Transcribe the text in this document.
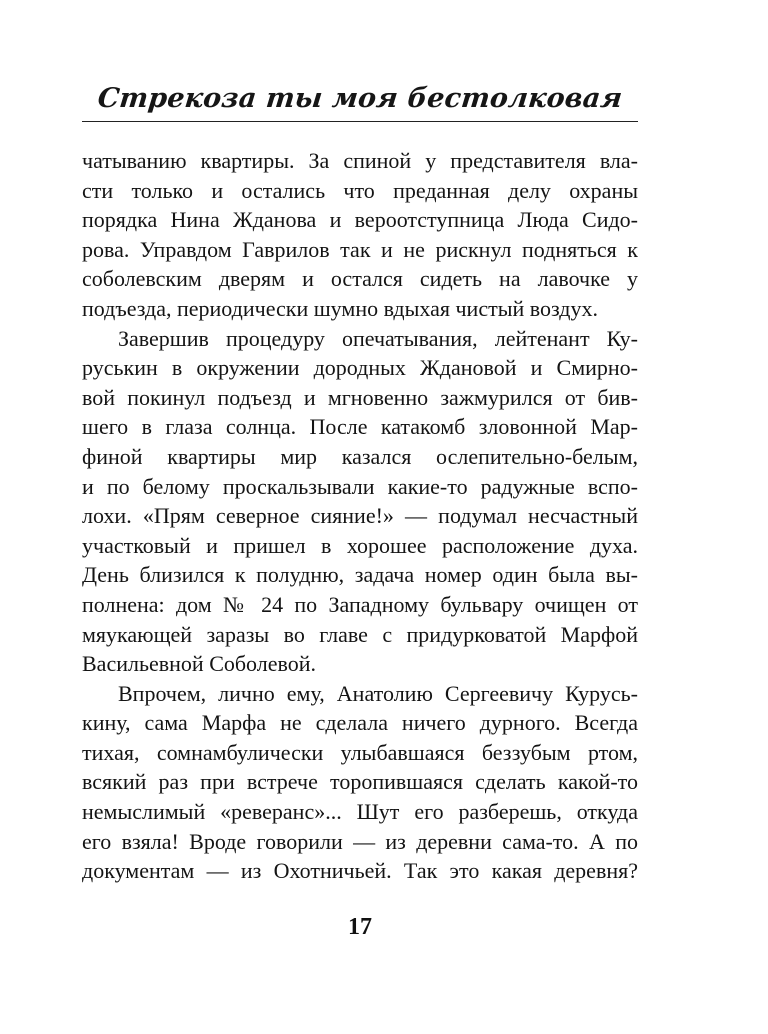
Стрекоза ты моя бестолковая
чатыванию квартиры. За спиной у представителя вла-
сти только и остались что преданная делу охраны
порядка Нина Жданова и вероотступница Люда Сидо-
рова. Управдом Гаврилов так и не рискнул подняться к
соболевским дверям и остался сидеть на лавочке у
подъезда, периодически шумно вдыхая чистый воздух.
Завершив процедуру опечатывания, лейтенант Ку-
руськин в окружении дородных Ждановой и Смирно-
вой покинул подъезд и мгновенно зажмурился от бив-
шего в глаза солнца. После катакомб зловонной Мар-
финой квартиры мир казался ослепительно-белым,
и по белому проскальзывали какие-то радужные вспо-
лохи. «Прям северное сияние!» — подумал несчастный
участковый и пришел в хорошее расположение духа.
День близился к полудню, задача номер один была вы-
полнена: дом № 24 по Западному бульвару очищен от
мяукающей заразы во главе с придурковатой Марфой
Васильевной Соболевой.
Впрочем, лично ему, Анатолию Сергеевичу Курусь-
кину, сама Марфа не сделала ничего дурного. Всегда
тихая, сомнамбулически улыбавшаяся беззубым ртом,
всякий раз при встрече торопившаяся сделать какой-то
немыслимый «реверанс»... Шут его разберешь, откуда
его взяла! Вроде говорили — из деревни сама-то. А по
документам — из Охотничьей. Так это какая деревня?
17
